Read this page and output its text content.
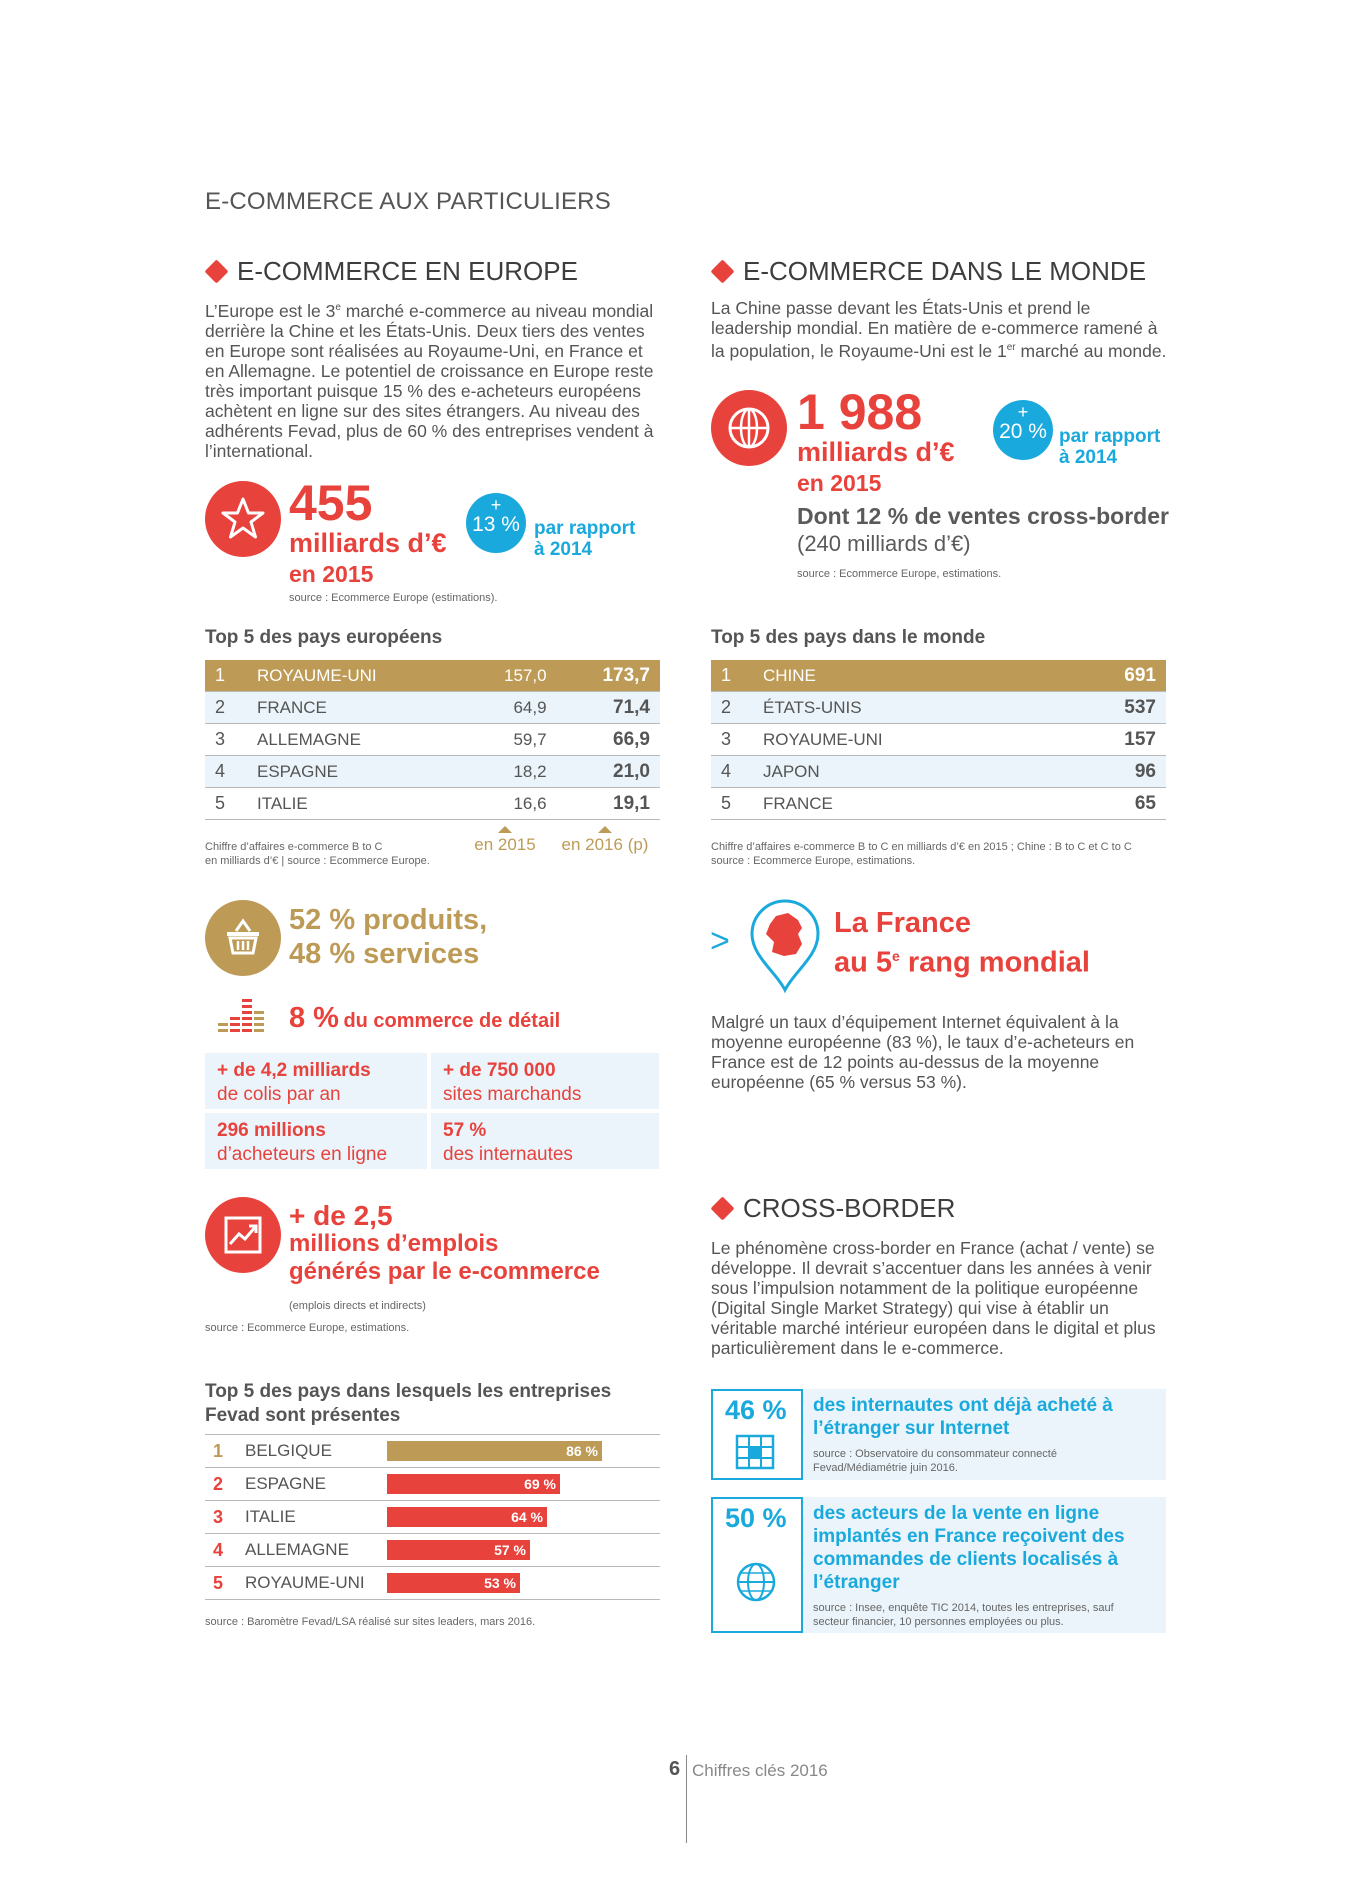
E-COMMERCE AUX PARTICULIERS
E-COMMERCE EN EUROPE
L’Europe est le 3e marché e-commerce au niveau mondial derrière la Chine et les États-Unis. Deux tiers des ventes en Europe sont réalisées au Royaume-Uni, en France et en Allemagne. Le potentiel de croissance en Europe reste très important puisque 15 % des e-acheteurs européens achètent en ligne sur des sites étrangers. Au niveau des adhérents Fevad, plus de 60 % des entreprises vendent à l’international.
455
milliards d’€
en 2015
+
13 % par rapport
à 2014
source : Ecommerce Europe (estimations).
Top 5 des pays européens
1	ROYAUME-UNI	157,0	173,7
2	FRANCE	64,9	71,4
3	ALLEMAGNE	59,7	66,9
4	ESPAGNE	18,2	21,0
5	ITALIE	16,6	19,1
Chiffre d’affaires e-commerce B to C
en milliards d’€ | source : Ecommerce Europe.
en 2015	en 2016 (p)
52 % produits,
48 % services
8 % du commerce de détail
+ de 4,2 milliards
de colis par an
+ de 750 000
sites marchands
296 millions
d’acheteurs en ligne
57 %
des internautes
+ de 2,5
millions d’emplois
générés par le e-commerce
(emplois directs et indirects)
source : Ecommerce Europe, estimations.
Top 5 des pays dans lesquels les entreprises
Fevad sont présentes
1	BELGIQUE	86 %
2	ESPAGNE	69 %
3	ITALIE	64 %
4	ALLEMAGNE	57 %
5	ROYAUME-UNI	53 %
source : Baromètre Fevad/LSA réalisé sur sites leaders, mars 2016.
E-COMMERCE DANS LE MONDE
La Chine passe devant les États-Unis et prend le leadership mondial. En matière de e-commerce ramené à la population, le Royaume-Uni est le 1er marché au monde.
1 988
milliards d’€
en 2015
+
20 % par rapport
à 2014
Dont 12 % de ventes cross-border
(240 milliards d’€)
source : Ecommerce Europe, estimations.
Top 5 des pays dans le monde
1	CHINE	691
2	ÉTATS-UNIS	537
3	ROYAUME-UNI	157
4	JAPON	96
5	FRANCE	65
Chiffre d’affaires e-commerce B to C en milliards d’€ en 2015 ; Chine : B to C et C to C
source : Ecommerce Europe, estimations.
>	La France
au 5e rang mondial
Malgré un taux d’équipement Internet équivalent à la moyenne européenne (83 %), le taux d’e-acheteurs en France est de 12 points au-dessus de la moyenne européenne (65 % versus 53 %).
CROSS-BORDER
Le phénomène cross-border en France (achat / vente) se développe. Il devrait s’accentuer dans les années à venir sous l’impulsion notamment de la politique européenne (Digital Single Market Strategy) qui vise à établir un véritable marché intérieur européen dans le digital et plus particulièrement dans le e-commerce.
46 % des internautes ont déjà acheté à l’étranger sur Internet
source : Observatoire du consommateur connecté Fevad/Médiamétrie juin 2016.
50 % des acteurs de la vente en ligne implantés en France reçoivent des commandes de clients localisés à l’étranger
source : Insee, enquête TIC 2014, toutes les entreprises, sauf secteur financier, 10 personnes employées ou plus.
6 Chiffres clés 2016
